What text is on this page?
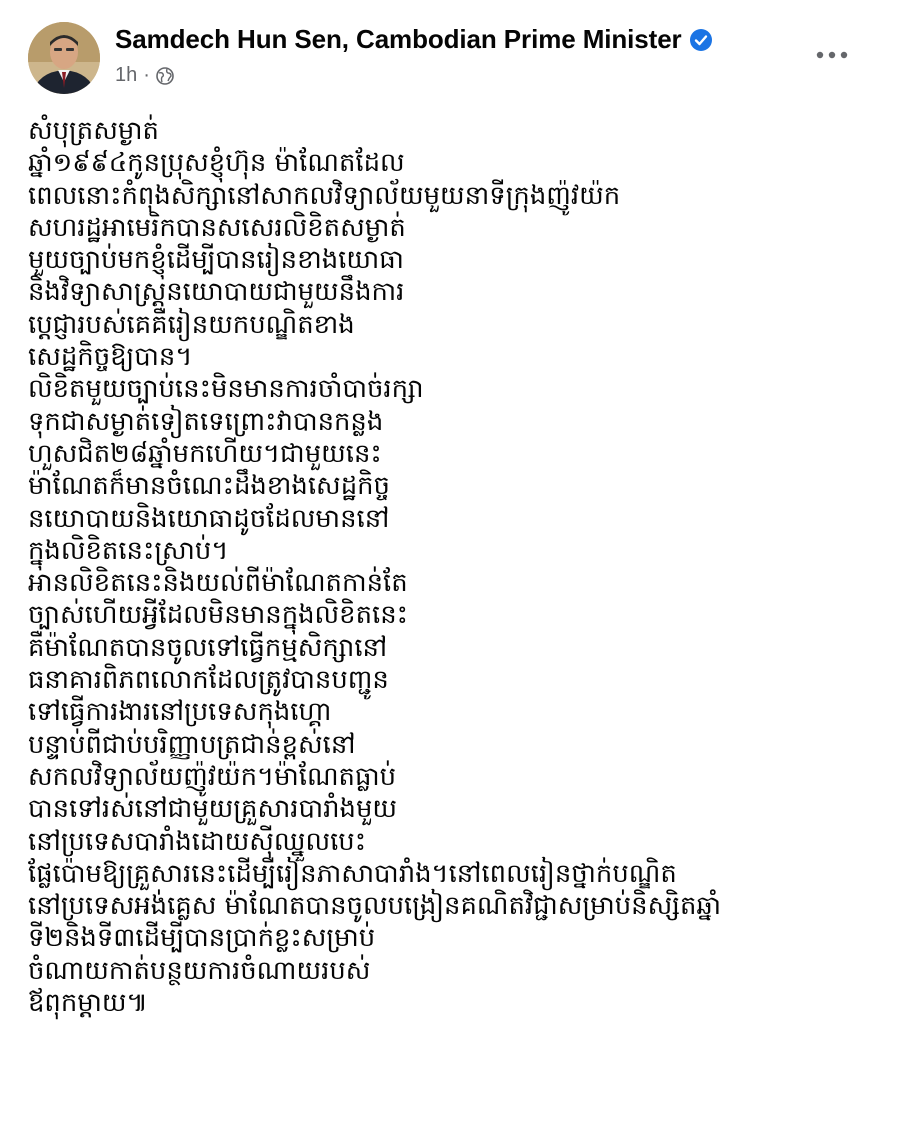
Samdech Hun Sen, Cambodian Prime Minister
1h ·
សំបុត្រសម្ងាត់
ឆ្នាំ១៩៩៤កូនប្រុសខ្ញុំហ៊ុន ម៉ាណែតដែល
ពេលនោះកំពុងសិក្សានៅសាកលវិទ្យាល័យមួយនាទីក្រុងញ៉ូវយ៉ក
សហរដ្ឋអាមេរិកបានសសេរលិខិតសម្ងាត់
មួយច្បាប់មកខ្ញុំដើម្បីបានរៀនខាងយោធា
និងវិទ្យាសាស្ត្រនយោបាយជាមួយនឹងការ
ប្តេជ្ញារបស់គេគឺរៀនយកបណ្ឌិតខាង
សេដ្ឋកិច្ចឱ្យបាន។
លិខិតមួយច្បាប់នេះមិនមានការចាំបាច់រក្សា
ទុកជាសម្ងាត់ទៀតទេព្រោះវាបានកន្លង
ហួសជិត២៨ឆ្នាំមកហើយ។ជាមួយនេះ
ម៉ាណែតក៏មានចំណេះដឹងខាងសេដ្ឋកិច្ច
នយោបាយនិងយោធាដូចដែលមាននៅ
ក្នុងលិខិតនេះស្រាប់។
អានលិខិតនេះនិងយល់ពីម៉ាណែតកាន់តែ
ច្បាស់ហើយអ្វីដែលមិនមានក្នុងលិខិតនេះ
គឺម៉ាណែតបានចូលទៅធ្វើកម្មសិក្សានៅ
ធនាគារពិភពលោកដែលត្រូវបានបញ្ជូន
ទៅធ្វើការងារនៅប្រទេសកុងហ្គោ
បន្ទាប់ពីជាប់បរិញ្ញាបត្រជាន់ខ្ពស់នៅ
សកលវិទ្យាល័យញ៉ូវយ៉ក។ម៉ាណែតធ្លាប់
បានទៅរស់នៅជាមួយគ្រួសារបារាំងមួយ
នៅប្រទេសបារាំងដោយស៊ីឈ្នួលបេះ
ផ្លែប៉ោមឱ្យគ្រួសារនេះដើម្បីរៀនភាសាបារាំង។នៅពេលរៀនថ្នាក់បណ្ឌិត
នៅប្រទេសអង់គ្លេស ម៉ាណែតបានចូលបង្រៀនគណិតវិជ្ជាសម្រាប់និស្សិតឆ្នាំ
ទី២និងទី៣ដើម្បីបានប្រាក់ខ្លះសម្រាប់
ចំណាយកាត់បន្ថយការចំណាយរបស់
ឪពុកម្តាយ៕
